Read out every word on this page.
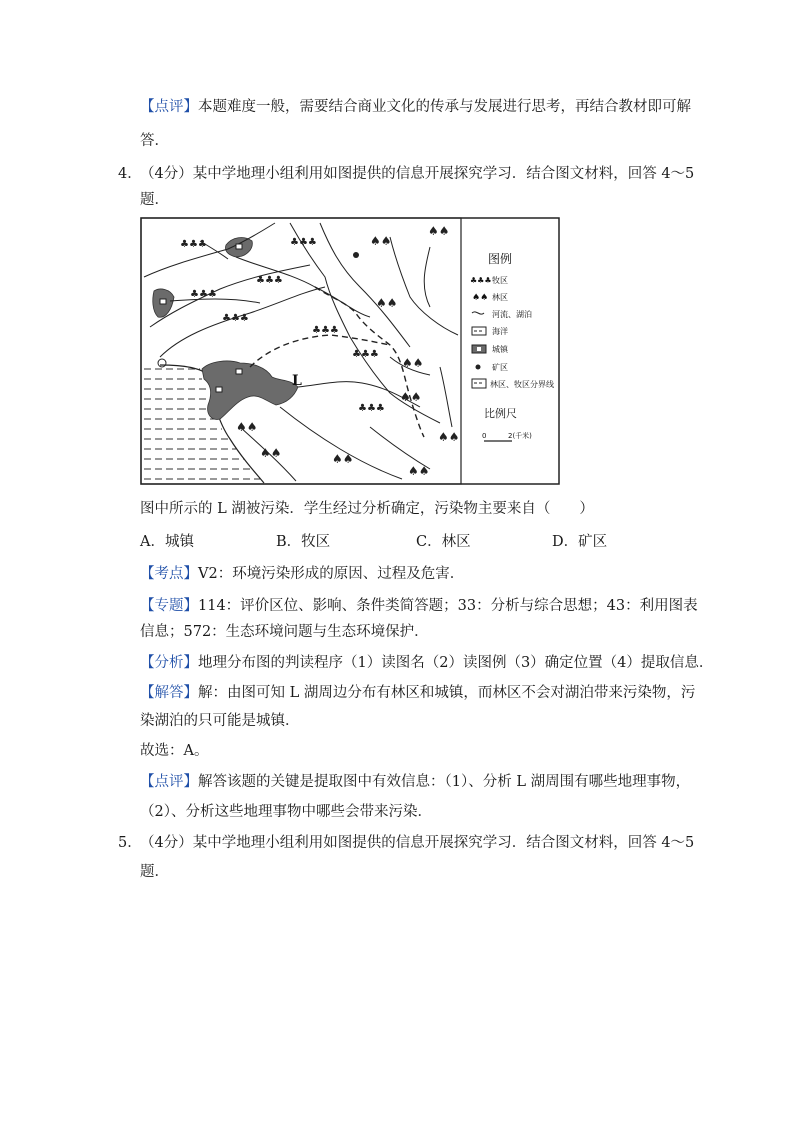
【点评】本题难度一般，需要结合商业文化的传承与发展进行思考，再结合教材即可解
答．
4．
（4分）某中学地理小组利用如图提供的信息开展探究学习．结合图文材料，回答 4～5
题．
♣♣♣	♣♣♣
♣♣♣
♣♣♣
♣♣♣
♣♣♣
♣♣♣
♣♣♣
♠♠
♠♠
♠♠
♠♠
♠♠
♠♠
♠♠
♠♠	♠♠
♠♠
L
图例
♣♣♣ 牧区
♠♠ 林区
河流、湖泊
海洋
城镇
矿区
林区、牧区分界线
比例尺
0	2(千米)
图中所示的 L 湖被污染．学生经过分析确定，污染物主要来自（　　）
A．城镇	B．牧区	C．林区	D．矿区
【考点】V2：环境污染形成的原因、过程及危害．
【专题】114：评价区位、影响、条件类简答题；33：分析与综合思想；43：利用图表
信息；572：生态环境问题与生态环境保护．
【分析】地理分布图的判读程序（1）读图名（2）读图例（3）确定位置（4）提取信息．
【解答】解：由图可知 L 湖周边分布有林区和城镇，而林区不会对湖泊带来污染物，污
染湖泊的只可能是城镇．
故选：A。
【点评】解答该题的关键是提取图中有效信息：（1）、分析 L 湖周围有哪些地理事物，
（2）、分析这些地理事物中哪些会带来污染．
5．
（4分）某中学地理小组利用如图提供的信息开展探究学习．结合图文材料，回答 4～5
题．
